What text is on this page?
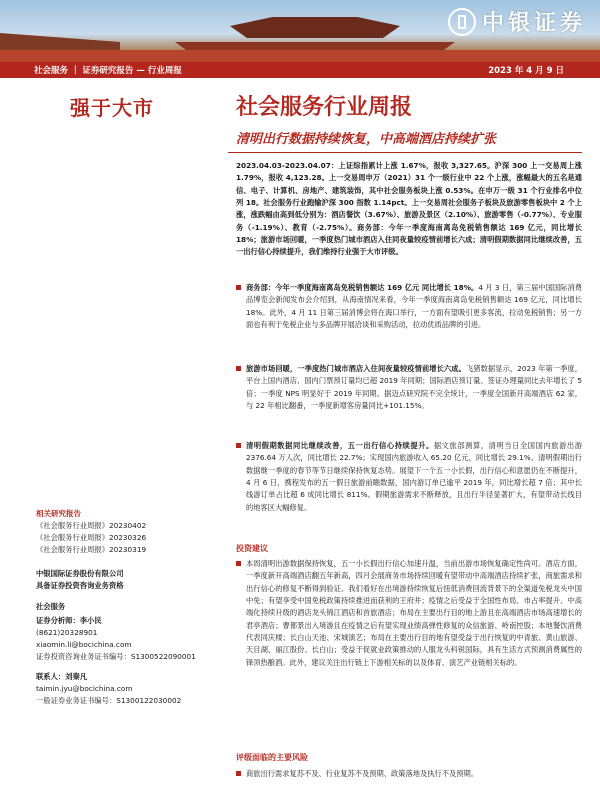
中银证券
社会服务 ｜ 证券研究报告 — 行业周报	2023 年 4 月 9 日
强于大市	社会服务行业周报
清明出行数据持续恢复，中高端酒店持续扩张

2023.04.03-2023.04.07：上证综指累计上涨 1.67%，报收 3,327.65。沪深 300 上一交易周上涨 1.79%，报收 4,123.28。上一交易周申万（2021）31 个一级行业中 22 个上涨，涨幅最大的五名是通信、电子、计算机、房地产、建筑装饰，其中社会服务板块上涨 0.53%。在申万一级 31 个行业排名中位列 18。社会服务行业跑输沪深 300 指数 1.14pct。上一交易周社会服务子板块及旅游零售板块中 2 个上涨，涨跌幅由高到低分别为：酒店餐饮（3.67%）、旅游及景区（2.10%）、旅游零售（-0.77%）、专业服务（-1.19%）、教育（-2.75%）。商务部：今年一季度海南离岛免税销售额达 169 亿元，同比增长 18%；旅游市场回暖，一季度热门城市酒店入住同夜量较疫情前增长六成；清明假期数据同比继续改善，五一出行信心持续提升，我们维持行业强于大市评级。

商务部：今年一季度海南离岛免税销售额达 169 亿元 同比增长 18%。4 月 3 日，第三届中国国际消费品博览会新闻发布会介绍到，从海南情况来看，今年一季度海南离岛免税销售额达 169 亿元，同比增长 18%。此外，4 月 11 日第三届消博会将在海口举行，一方面有望吸引更多客流，拉动免税销售；另一方面也有利于免税企业与多品牌开展洽谈和采购活动，拉动优质品牌的引进。
旅游市场回暖，一季度热门城市酒店入住间夜量较疫情前增长六成。飞猪数据显示，2023 年第一季度，平台上国内酒店、国内门票预订量均已超 2019 年同期；国际酒店预订量、签证办理量同比去年增长了 5 倍；一季度 NPS 明显好于 2019 年同期。据迈点研究院不完全统计，一季度全国新开高端酒店 62 家，与 22 年相比翻番，一季度新增客房量同比+101.15%。
清明假期数据同比继续改善，五一出行信心持续提升。据文旅部测算，清明当日全国国内旅游出游 2376.64 万人次，同比增长 22.7%；实现国内旅游收入 65.20 亿元，同比增长 29.1%。清明假期出行数据继一季度的春节等节日继续保持恢复态势。展望下一个五一小长假，出行信心和意愿仍在不断提升，4 月 6 日，携程发布的五一假日旅游前瞻数据，国内游订单已逾平 2019 年，同比增长超 7 倍；其中长线游订单占比超 6 成同比增长 811%。假期旅游需求不断释放，且出行半径显著扩大，有望带动长线目的地客区大幅修复。
投资建议
本周清明出游数据保持恢复，五一小长假出行信心加速升温，当前出游市场恢复确定性尚可。酒店方面，一季度新开高端酒店翻五年新高，四月会展商务市场持续回暖有望带动中高端酒店持续扩张，商旅需求和出行信心的修复不断得到验证。我们看好在出境游持续恢复后扭低消费回流背景下的全渠道免税龙头中国中免；有望享受中国免税政策持续推进而获利的王府井；疫情之后受益于全国性布局、市占率提升、中高端化持续升级的酒店龙头锦江酒店和首旅酒店；布局在主要出行目的地上游且在高端酒店市场高速增长的君亭酒店；曹都景出入境游且在疫情之后有望实现业绩高弹性修复的众信旅游、岭南控股；本地餐饮消费代表同庆楼；长白山天池、宋城演艺；布局在主要出行目的地有望受益于出行恢复的中青旅、黄山旅游、天目湖、丽江股份、长白山；受益于促就业政策推动的人服龙头科锐国际，具有生活方式预测消费属性的锋顶热酿酒。此外，建议关注出行链上下游相关标的以及体育、演艺产业链相关标的。
评级面临的主要风险
商旅出行需求复苏不及、行业复苏不及预期、政策落地及执行不及预期。
相关研究报告
《社会服务行业周报》20230402
《社会服务行业周报》20230326
《社会服务行业周报》20230319
中银国际证券股份有限公司
具备证券投资咨询业务资格
社会服务
证券分析师：李小民
(8621)20328901
xiaomin.li@bocichina.com
证券投资咨询业务证书编号：S1300522090001
联系人：刘秦凡
taimin.jyu@bocichina.com
一般证券业务证书编号：S1300122030002
